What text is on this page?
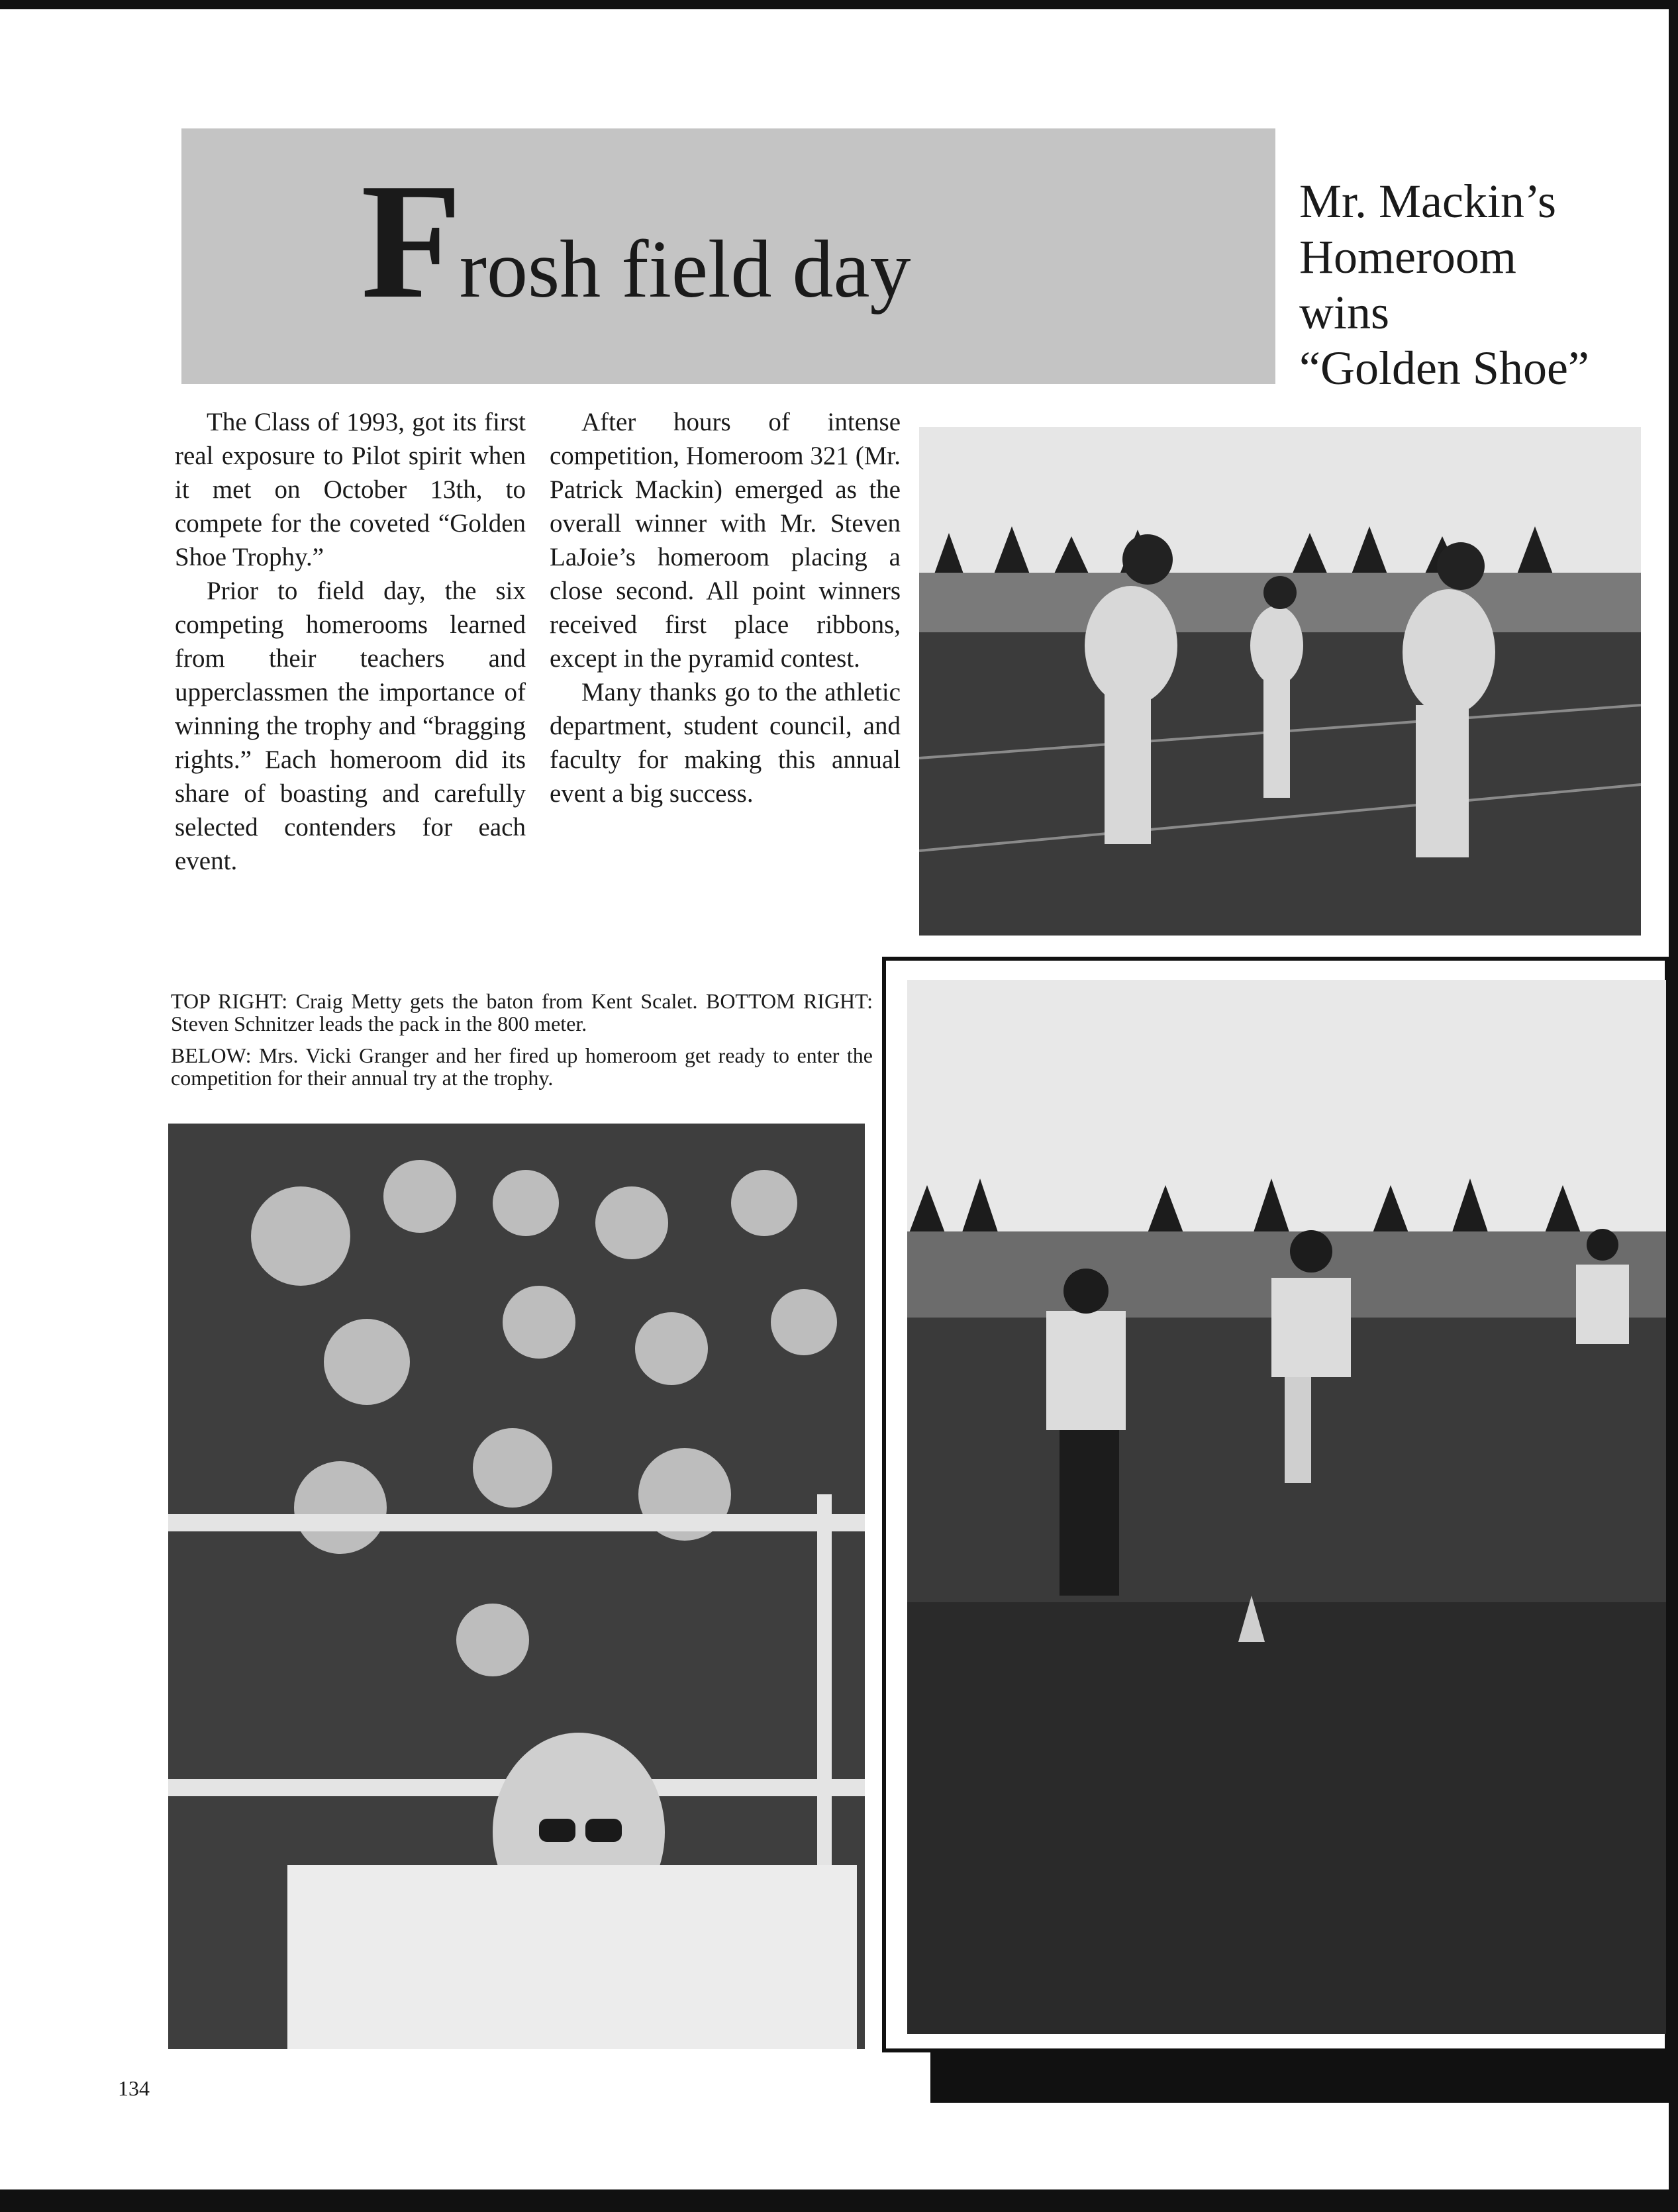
Frosh field day
Mr. Mackin’s
Homeroom
wins
“Golden Shoe”

The Class of 1993, got its first real exposure to Pilot spirit when it met on October 13th, to compete for the coveted “Golden Shoe Trophy.”

Prior to field day, the six competing homerooms learned from their teachers and upperclassmen the importance of winning the trophy and “bragging rights.” Each homeroom did its share of boasting and carefully selected contenders for each event.

After hours of intense competition, Homeroom 321 (Mr. Patrick Mackin) emerged as the overall winner with Mr. Steven LaJoie’s homeroom placing a close second. All point winners received first place ribbons, except in the pyramid contest.

Many thanks go to the athletic department, student council, and faculty for making this annual event a big success.

TOP RIGHT: Craig Metty gets the baton from Kent Scalet. BOTTOM RIGHT: Steven Schnitzer leads the pack in the 800 meter.

BELOW: Mrs. Vicki Granger and her fired up homeroom get ready to enter the competition for their annual try at the trophy.

134
